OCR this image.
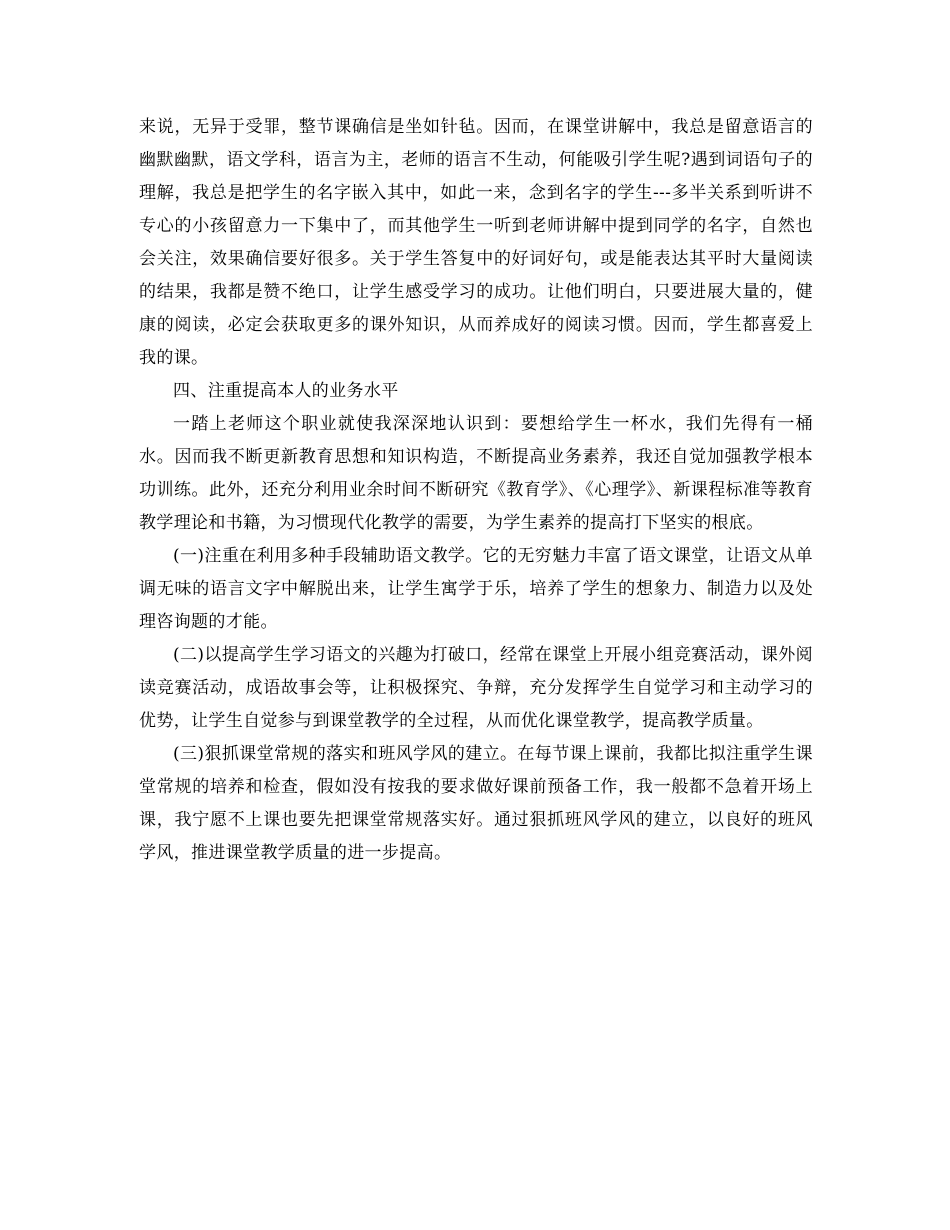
来说，无异于受罪，整节课确信是坐如针毡。因而，在课堂讲解中，我总是留意语言的幽默幽默，语文学科，语言为主，老师的语言不生动，何能吸引学生呢?遇到词语句子的理解，我总是把学生的名字嵌入其中，如此一来，念到名字的学生---多半关系到听讲不专心的小孩留意力一下集中了，而其他学生一听到老师讲解中提到同学的名字，自然也会关注，效果确信要好很多。关于学生答复中的好词好句，或是能表达其平时大量阅读的结果，我都是赞不绝口，让学生感受学习的成功。让他们明白，只要进展大量的，健康的阅读，必定会获取更多的课外知识，从而养成好的阅读习惯。因而，学生都喜爱上我的课。

四、注重提高本人的业务水平

一踏上老师这个职业就使我深深地认识到：要想给学生一杯水，我们先得有一桶水。因而我不断更新教育思想和知识构造，不断提高业务素养，我还自觉加强教学根本功训练。此外，还充分利用业余时间不断研究《教育学》、《心理学》、新课程标准等教育教学理论和书籍，为习惯现代化教学的需要，为学生素养的提高打下坚实的根底。

(一)注重在利用多种手段辅助语文教学。它的无穷魅力丰富了语文课堂，让语文从单调无味的语言文字中解脱出来，让学生寓学于乐，培养了学生的想象力、制造力以及处理咨询题的才能。

(二)以提高学生学习语文的兴趣为打破口，经常在课堂上开展小组竞赛活动，课外阅读竞赛活动，成语故事会等，让积极探究、争辩，充分发挥学生自觉学习和主动学习的优势，让学生自觉参与到课堂教学的全过程，从而优化课堂教学，提高教学质量。

(三)狠抓课堂常规的落实和班风学风的建立。在每节课上课前，我都比拟注重学生课堂常规的培养和检查，假如没有按我的要求做好课前预备工作，我一般都不急着开场上课，我宁愿不上课也要先把课堂常规落实好。通过狠抓班风学风的建立，以良好的班风学风，推进课堂教学质量的进一步提高。
